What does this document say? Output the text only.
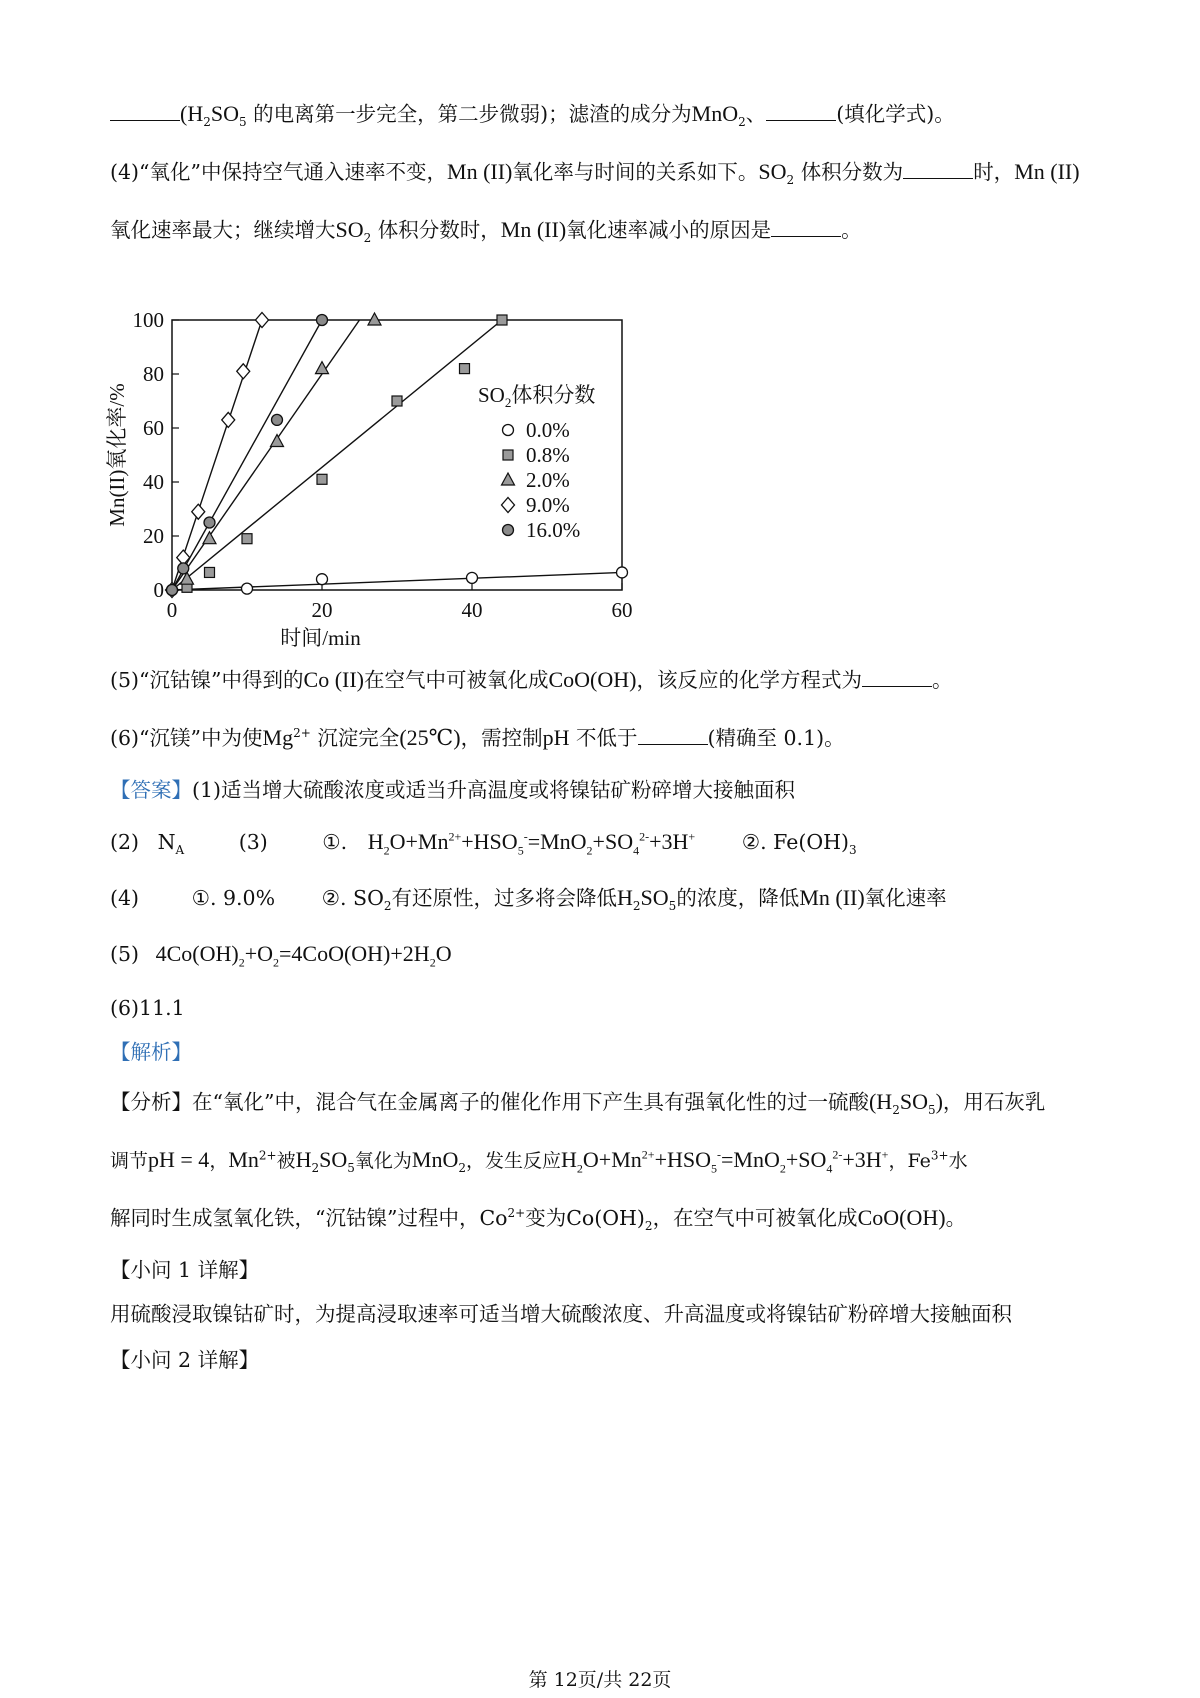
($H_2SO_5$ 的电离第一步完全，第二步微弱)；滤渣的成分为MnO$_2$、	(填化学式)。
(4)“氧化”中保持空气通入速率不变，Mn (II)氧化率与时间的关系如下。$SO_2$ 体积分数为	时，Mn (II)
氧化速率最大；继续增大$SO_2$ 体积分数时，Mn (II)氧化速率减小的原因是	。
0
20
40
60
80
100
0	20	40	60
时间/min
Mn(II)氧化率/%	$SO_2$体积分数
0.0%
0.8%
2.0%
9.0%
16.0%
(5)“沉钴镍”中得到的Co (II)在空气中可被氧化成CoO(OH)，该反应的化学方程式为	。
(6)“沉镁”中为使$Mg^{2+}$ 沉淀完全(25℃)，需控制pH 不低于	(精确至 0.1)。
【答案】(1)适当增大硫酸浓度或适当升高温度或将镍钴矿粉碎增大接触面积
(2) $N_A$	(3)	①. $H_2O+Mn^{2+}+HSO_5^-=MnO_2+SO_4^{2-}+3H^+$ ②. $Fe(OH)_3$
(4)	①. 9.0% ②. $SO_2$有还原性，过多将会降低$H_2SO_5$的浓度，降低Mn (II)氧化速率
(5) $4Co(OH)_2+O_2=4CoO(OH)+2H_2O$
(6)11.1
【解析】
【分析】在“氧化”中，混合气在金属离子的催化作用下产生具有强氧化性的过一硫酸$(H_2SO_5)$，用石灰乳
调节pH = 4，$Mn^{2+}$被$H_2SO_5$氧化为MnO$_2$，发生反应$H_2O+Mn^{2+}+HSO_5^-=MnO_2+SO_4^{2-}+3H^+$，$Fe^{3+}$水
解同时生成氢氧化铁，“沉钴镍”过程中，$Co^{2+}$变为$Co(OH)_2$，在空气中可被氧化成CoO(OH)。
【小问 1 详解】
用硫酸浸取镍钴矿时，为提高浸取速率可适当增大硫酸浓度、升高温度或将镍钴矿粉碎增大接触面积
【小问 2 详解】
第 12页/共 22页
